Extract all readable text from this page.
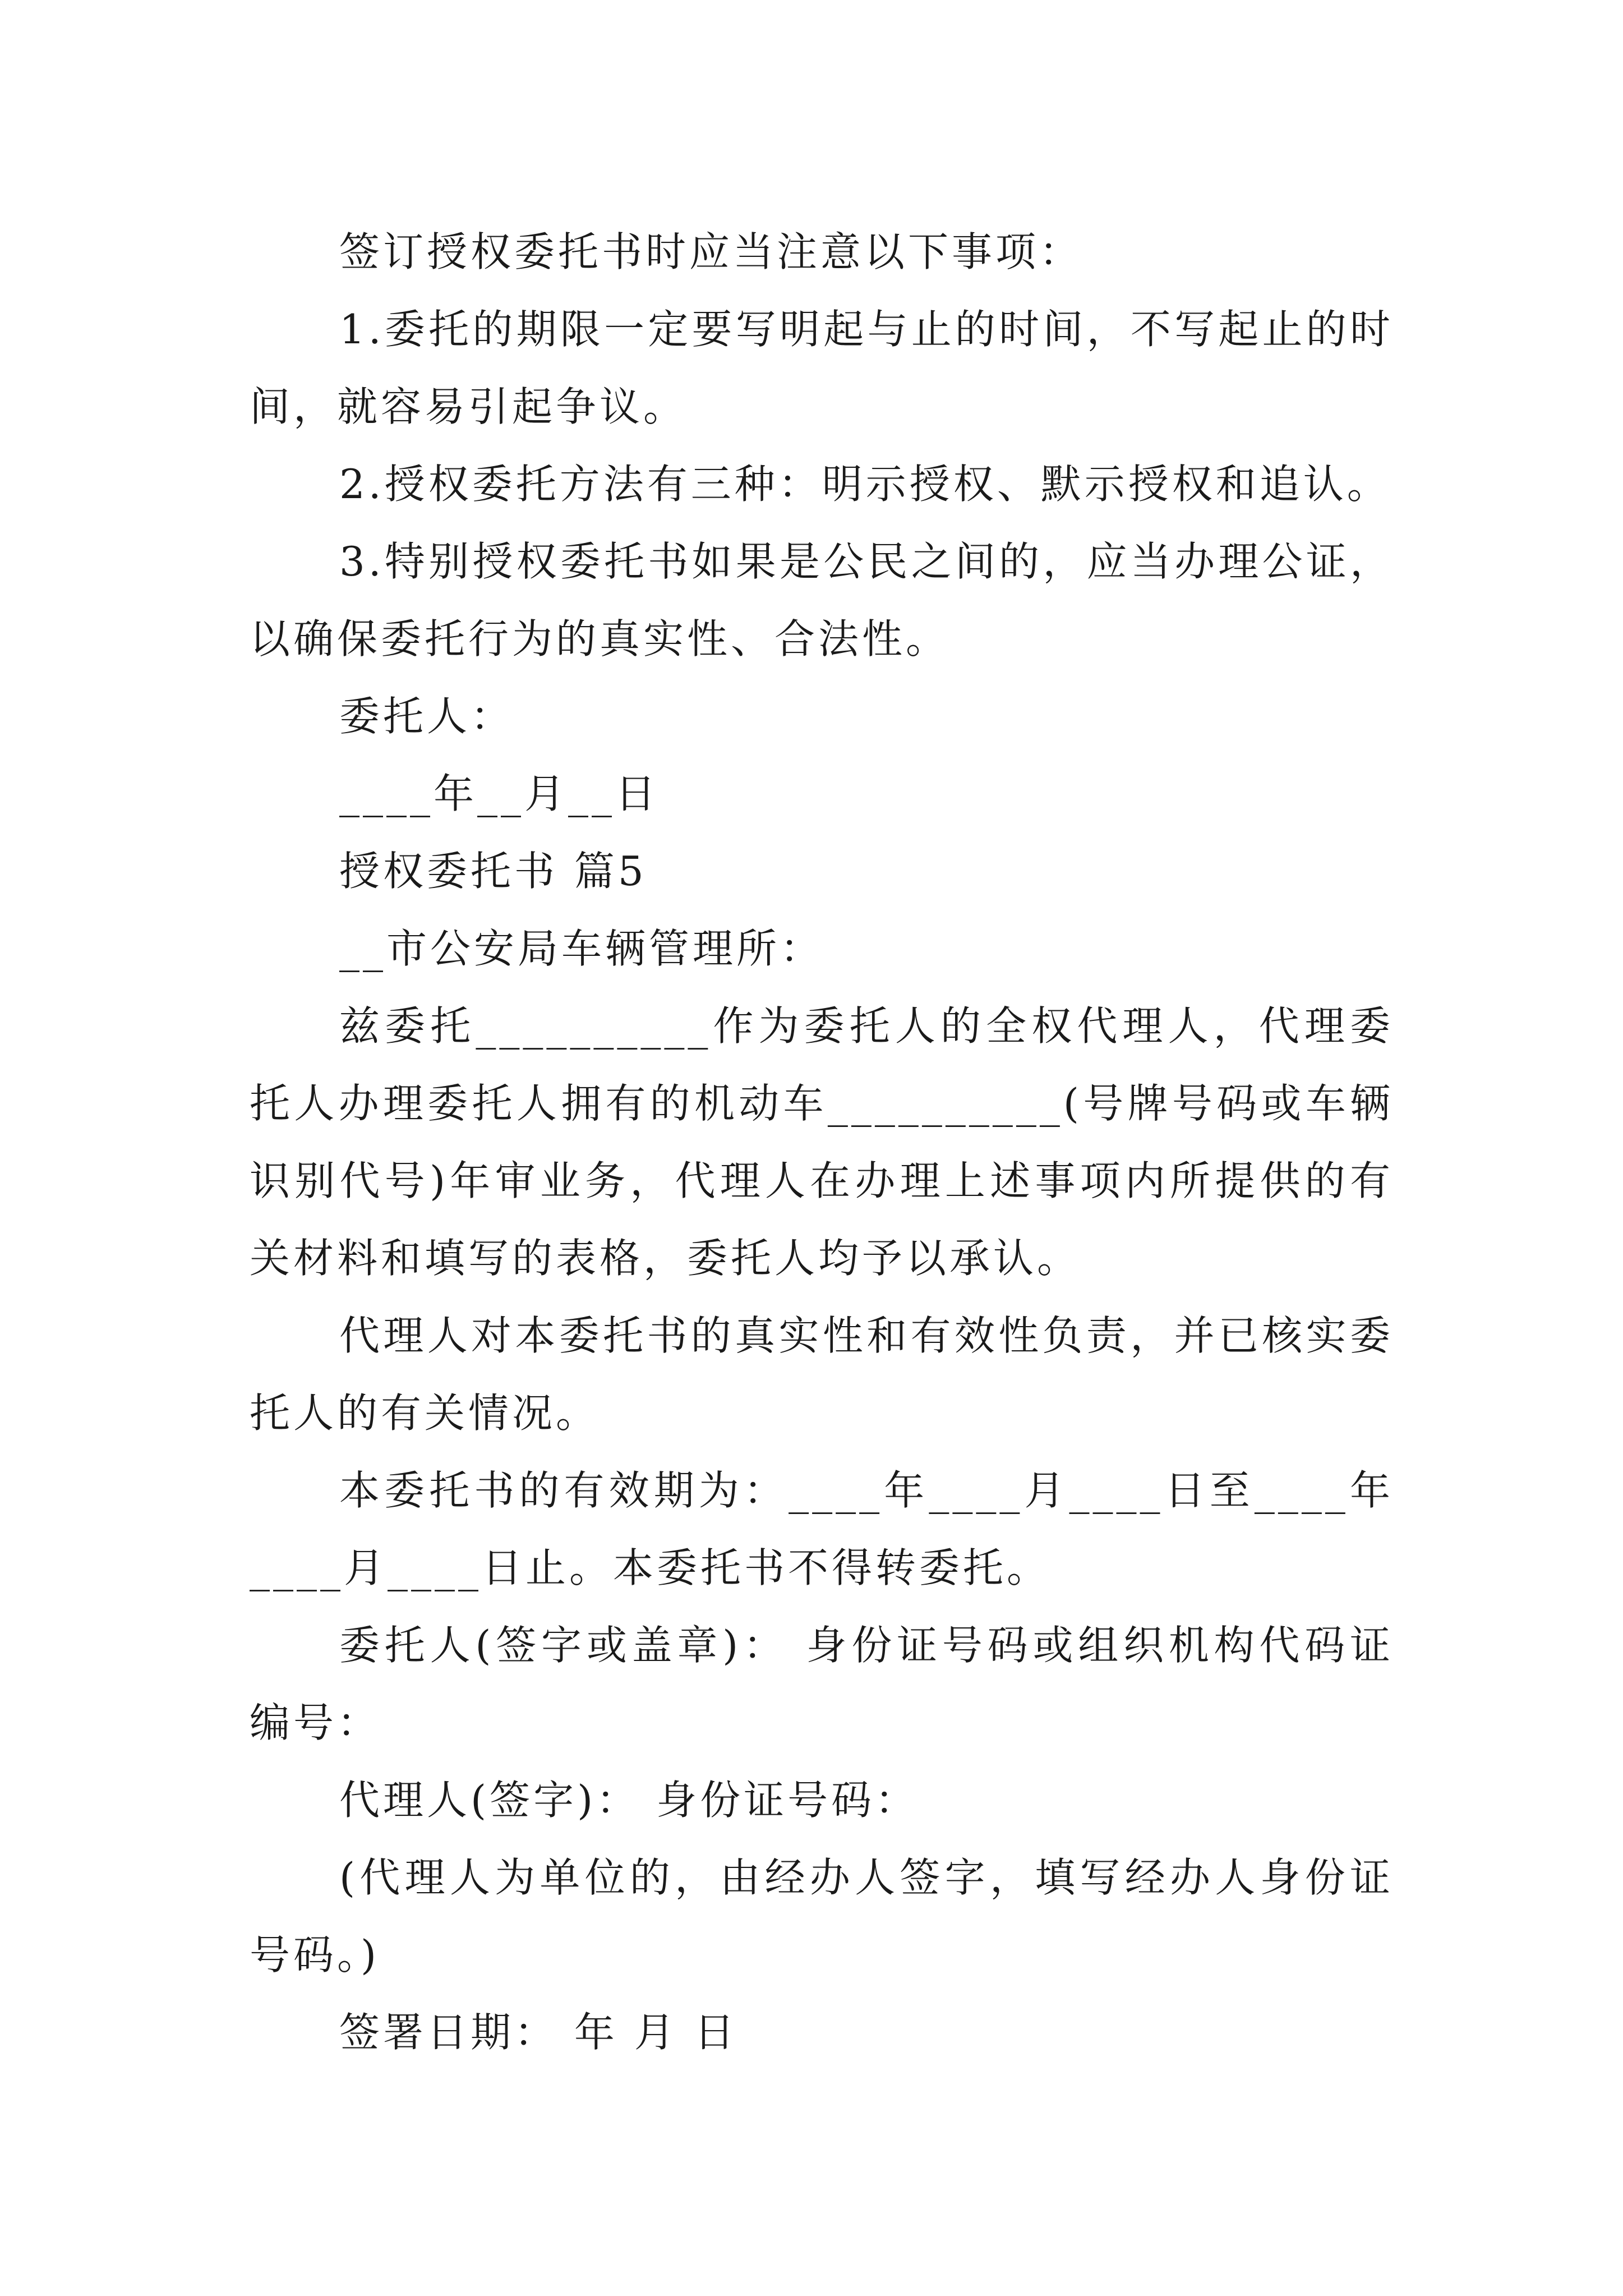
签订授权委托书时应当注意以下事项：

1.委托的期限一定要写明起与止的时间，不写起止的时间，就容易引起争议。

2.授权委托方法有三种：明示授权、默示授权和追认。

3.特别授权委托书如果是公民之间的，应当办理公证，以确保委托行为的真实性、合法性。

委托人：

____年__月__日

授权委托书 篇5

__市公安局车辆管理所：

兹委托__________作为委托人的全权代理人，代理委托人办理委托人拥有的机动车__________(号牌号码或车辆识别代号)年审业务，代理人在办理上述事项内所提供的有关材料和填写的表格，委托人均予以承认。

代理人对本委托书的真实性和有效性负责，并已核实委托人的有关情况。

本委托书的有效期为：____年____月____日至____年____月____日止。本委托书不得转委托。

委托人(签字或盖章)： 身份证号码或组织机构代码证编号：

代理人(签字)： 身份证号码：

(代理人为单位的，由经办人签字，填写经办人身份证号码。)

签署日期： 年 月 日
